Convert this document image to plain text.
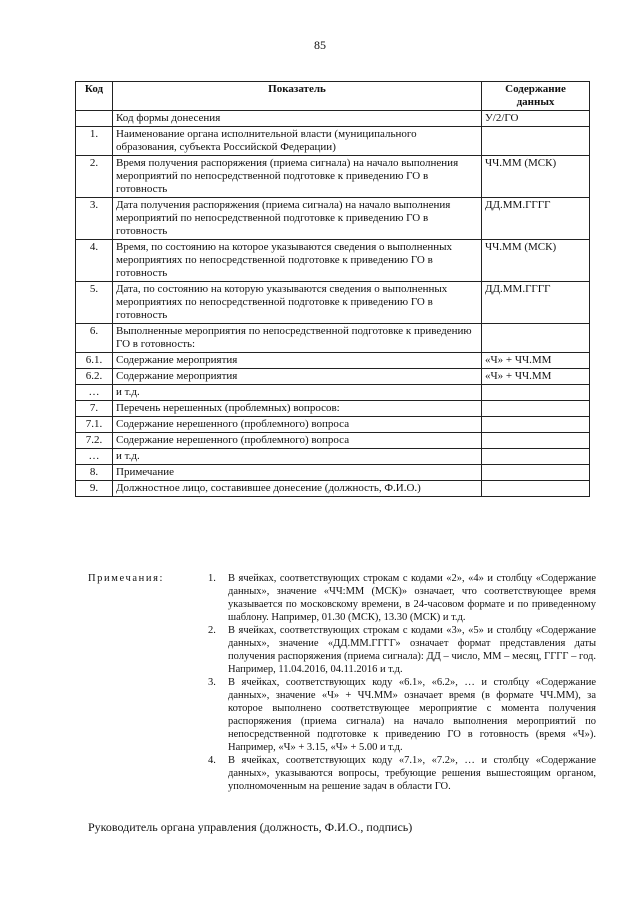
85
Код	Показатель	Содержание данных
	Код формы донесения	У/2/ГО
1.	Наименование органа исполнительной власти (муниципального образования, субъекта Российской Федерации)	
2.	Время получения распоряжения (приема сигнала) на начало выполнения мероприятий по непосредственной подготовке к приведению ГО в готовность	ЧЧ.ММ (МСК)
3.	Дата получения распоряжения (приема сигнала) на начало выполнения мероприятий по непосредственной подготовке к приведению ГО в готовность	ДД.ММ.ГГГГ
4.	Время, по состоянию на которое указываются сведения о выполненных мероприятиях по непосредственной подготовке к приведению ГО в готовность	ЧЧ.ММ (МСК)
5.	Дата, по состоянию на которую указываются сведения о выполненных мероприятиях по непосредственной подготовке к приведению ГО в готовность	ДД.ММ.ГГГГ
6.	Выполненные мероприятия по непосредственной подготовке к приведению ГО в готовность:	
6.1.	Содержание мероприятия	«Ч» + ЧЧ.ММ
6.2.	Содержание мероприятия	«Ч» + ЧЧ.ММ
…	и т.д.	
7.	Перечень нерешенных (проблемных) вопросов:	
7.1.	Содержание нерешенного (проблемного) вопроса	
7.2.	Содержание нерешенного (проблемного) вопроса	
…	и т.д.	
8.	Примечание	
9.	Должностное лицо, составившее донесение (должность, Ф.И.О.)	
Примечания:	1. В ячейках, соответствующих строкам с кодами «2», «4» и столбцу «Содержание данных», значение «ЧЧ:ММ (МСК)» означает, что соответствующее время указывается по московскому времени, в 24-часовом формате и по приведенному шаблону. Например, 01.30 (МСК), 13.30 (МСК) и т.д.
2. В ячейках, соответствующих строкам с кодами «3», «5» и столбцу «Содержание данных», значение «ДД.ММ.ГГГГ» означает формат представления даты получения распоряжения (приема сигнала): ДД – число, ММ – месяц, ГГГГ – год. Например, 11.04.2016, 04.11.2016 и т.д.
3. В ячейках, соответствующих коду «6.1», «6.2», … и столбцу «Содержание данных», значение «Ч» + ЧЧ.ММ» означает время (в формате ЧЧ.ММ), за которое выполнено соответствующее мероприятие с момента получения распоряжения (приема сигнала) на начало выполнения мероприятий по непосредственной подготовке к приведению ГО в готовность (время «Ч»). Например, «Ч» + 3.15, «Ч» + 5.00 и т.д.
4. В ячейках, соответствующих коду «7.1», «7.2», … и столбцу «Содержание данных», указываются вопросы, требующие решения вышестоящим органом, уполномоченным на решение задач в области ГО.
Руководитель органа управления (должность, Ф.И.О., подпись)
